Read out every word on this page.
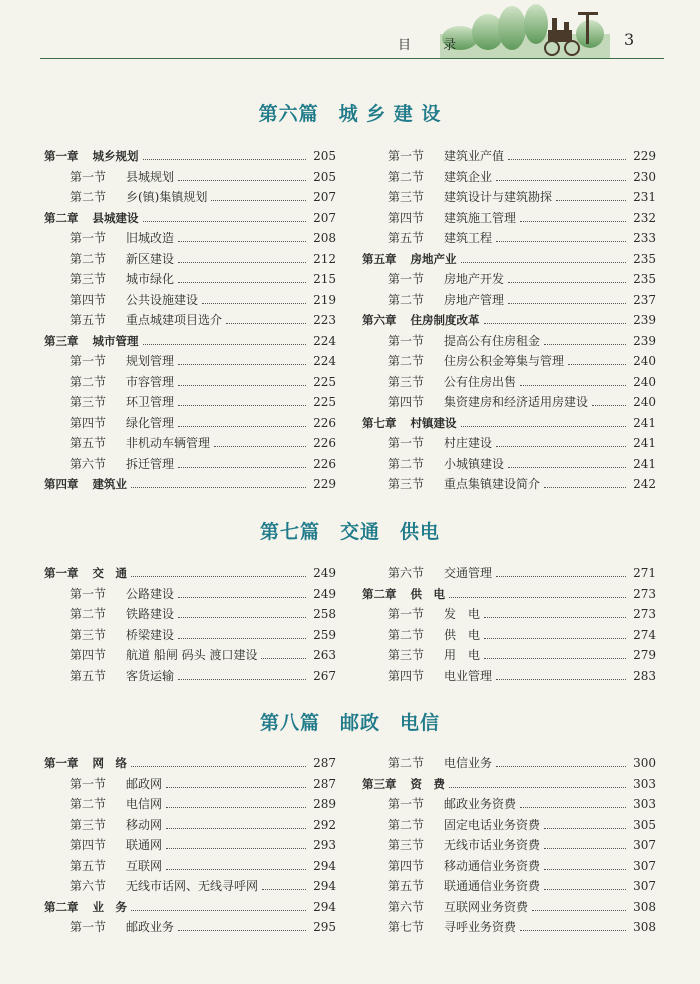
目 录	3
第六篇　城 乡 建 设
第一章 城乡规划	205
第一节 县城规划	205
第二节 乡(镇)集镇规划	207
第二章 县城建设	207
第一节 旧城改造	208
第二节 新区建设	212
第三节 城市绿化	215
第四节 公共设施建设	219
第五节 重点城建项目选介	223
第三章 城市管理	224
第一节 规划管理	224
第二节 市容管理	225
第三节 环卫管理	225
第四节 绿化管理	226
第五节 非机动车辆管理	226
第六节 拆迁管理	226
第四章 建筑业	229
第一节 建筑业产值	229
第二节 建筑企业	230
第三节 建筑设计与建筑勘探	231
第四节 建筑施工管理	232
第五节 建筑工程	233
第五章 房地产业	235
第一节 房地产开发	235
第二节 房地产管理	237
第六章 住房制度改革	239
第一节 提高公有住房租金	239
第二节 住房公积金筹集与管理	240
第三节 公有住房出售	240
第四节 集资建房和经济适用房建设	240
第七章 村镇建设	241
第一节 村庄建设	241
第二节 小城镇建设	241
第三节 重点集镇建设简介	242
第七篇　交通　供电
第一章 交　通	249
第一节 公路建设	249
第二节 铁路建设	258
第三节 桥梁建设	259
第四节 航道 船闸 码头 渡口建设	263
第五节 客货运输	267
第六节 交通管理	271
第二章 供　电	273
第一节 发　电	273
第二节 供　电	274
第三节 用　电	279
第四节 电业管理	283
第八篇　邮政　电信
第一章 网　络	287
第一节 邮政网	287
第二节 电信网	289
第三节 移动网	292
第四节 联通网	293
第五节 互联网	294
第六节 无线市话网、无线寻呼网	294
第二章 业　务	294
第一节 邮政业务	295
第二节 电信业务	300
第三章 资　费	303
第一节 邮政业务资费	303
第二节 固定电话业务资费	305
第三节 无线市话业务资费	307
第四节 移动通信业务资费	307
第五节 联通通信业务资费	307
第六节 互联网业务资费	308
第七节 寻呼业务资费	308
